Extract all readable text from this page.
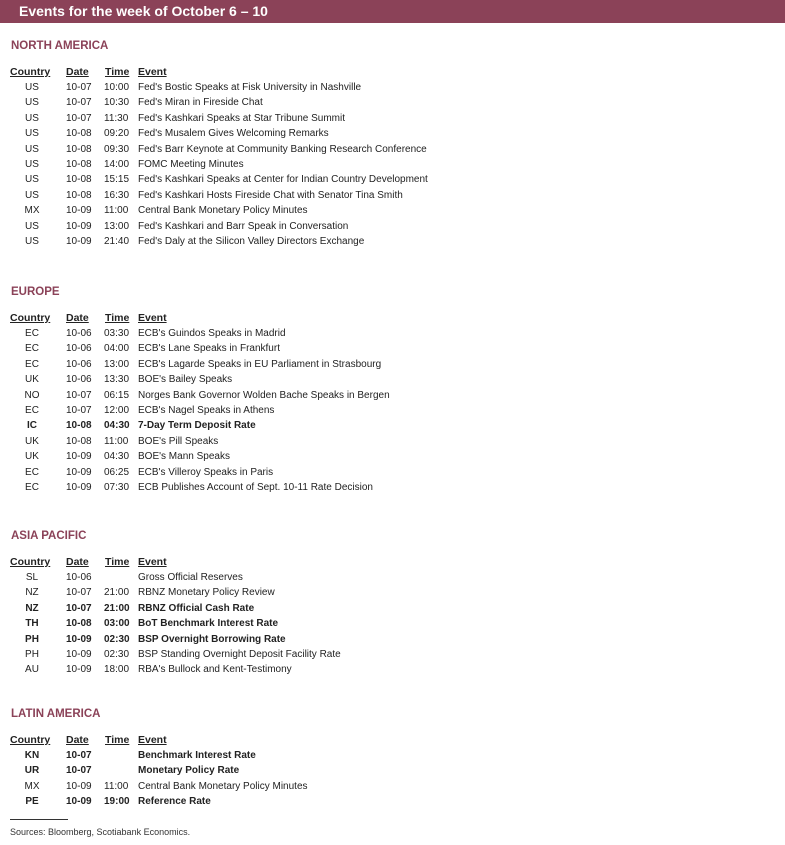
Events for the week of October 6 – 10
NORTH AMERICA
Country Date Time Event
US	10-07 10:00 Fed's Bostic Speaks at Fisk University in Nashville
US	10-07 10:30 Fed's Miran in Fireside Chat
US	10-07 11:30 Fed's Kashkari Speaks at Star Tribune Summit
US	10-08 09:20 Fed's Musalem Gives Welcoming Remarks
US	10-08 09:30 Fed's Barr Keynote at Community Banking Research Conference
US	10-08 14:00 FOMC Meeting Minutes
US	10-08 15:15 Fed's Kashkari Speaks at Center for Indian Country Development
US	10-08 16:30 Fed's Kashkari Hosts Fireside Chat with Senator Tina Smith
MX	10-09 11:00 Central Bank Monetary Policy Minutes
US	10-09 13:00 Fed's Kashkari and Barr Speak in Conversation
US	10-09 21:40 Fed's Daly at the Silicon Valley Directors Exchange
EUROPE
Country Date Time Event
EC	10-06 03:30 ECB's Guindos Speaks in Madrid
EC	10-06 04:00 ECB's Lane Speaks in Frankfurt
EC	10-06 13:00 ECB's Lagarde Speaks in EU Parliament in Strasbourg
UK	10-06 13:30 BOE's Bailey Speaks
NO	10-07 06:15 Norges Bank Governor Wolden Bache Speaks in Bergen
EC	10-07 12:00 ECB's Nagel Speaks in Athens
IC	10-08 04:30 7-Day Term Deposit Rate
UK	10-08 11:00 BOE's Pill Speaks
UK	10-09 04:30 BOE's Mann Speaks
EC	10-09 06:25 ECB's Villeroy Speaks in Paris
EC	10-09 07:30 ECB Publishes Account of Sept. 10-11 Rate Decision
ASIA PACIFIC
Country Date Time Event
SL	10-06	Gross Official Reserves
NZ	10-07 21:00 RBNZ Monetary Policy Review
NZ	10-07 21:00 RBNZ Official Cash Rate
TH	10-08 03:00 BoT Benchmark Interest Rate
PH	10-09 02:30 BSP Overnight Borrowing Rate
PH	10-09 02:30 BSP Standing Overnight Deposit Facility Rate
AU	10-09 18:00 RBA's Bullock and Kent-Testimony
LATIN AMERICA
Country Date Time Event
KN	10-07	Benchmark Interest Rate
UR	10-07	Monetary Policy Rate
MX	10-09 11:00 Central Bank Monetary Policy Minutes
PE	10-09 19:00 Reference Rate
Sources: Bloomberg, Scotiabank Economics.
